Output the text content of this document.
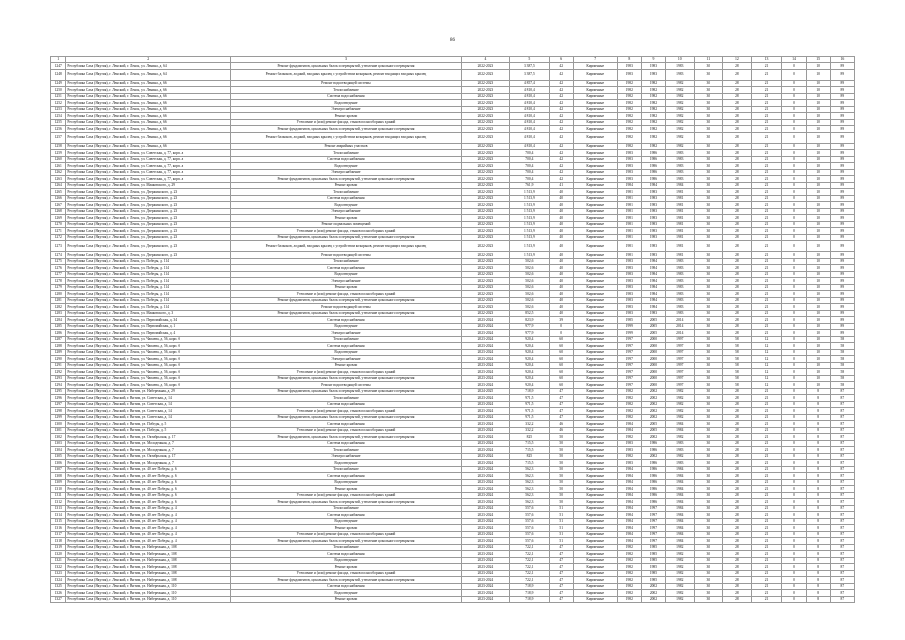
86
1	2	3	4	5	6	7	8	9	10	11	12	13	14	15	16
1247	Республика Саха (Якутия), г. Ленский, г. Ленск, ул. Ленина, д. 64	Ремонт фундаментов, цокольных балок и перекрытий, утепление цокольного перекрытия	2022-2023	3 387,5	42	Кирпичные	1983	1983	1983	30	28	21	0	10	89
1248	Республика Саха (Якутия), г. Ленский, г. Ленск, ул. Ленина, д. 64	Ремонт балконов, лоджий, входных крылец с устройством козырьков, ремонт входящих входных крылец	2022-2023	3 387,5	42	Кирпичные	1983	1983	1983	30	28	21	0	10	89
1249	Республика Саха (Якутия), г. Ленский, г. Ленск, ул. Ленина, д. 66	Ремонт водоотводящей системы	2022-2023	4 857,4	42	Кирпичные	1982	1982	1982	30	28	21	0	10	89
1250	Республика Саха (Якутия), г. Ленский, г. Ленск, ул. Ленина, д. 66	Теплоснабжение	2022-2023	4 810,4	42	Кирпичные	1982	1982	1982	30	28	21	0	10	89
1251	Республика Саха (Якутия), г. Ленский, г. Ленск, ул. Ленина, д. 66	Система водоснабжения	2022-2023	4 810,4	42	Кирпичные	1982	1982	1982	30	28	21	0	10	89
1252	Республика Саха (Якутия), г. Ленский, г. Ленск, ул. Ленина, д. 66	Водоотведение	2022-2023	4 810,4	42	Кирпичные	1982	1982	1982	30	28	21	0	10	89
1253	Республика Саха (Якутия), г. Ленский, г. Ленск, ул. Ленина, д. 66	Электроснабжение	2022-2023	4 810,4	42	Кирпичные	1982	1982	1982	30	28	21	0	10	89
1254	Республика Саха (Якутия), г. Ленский, г. Ленск, ул. Ленина, д. 66	Ремонт кровли	2022-2023	4 810,4	42	Кирпичные	1982	1982	1982	30	28	21	0	10	89
1255	Республика Саха (Якутия), г. Ленский, г. Ленск, ул. Ленина, д. 66	Утепление и (или) ремонт фасада, стыков полносборных зданий	2022-2023	4 810,4	42	Кирпичные	1982	1982	1982	30	28	21	0	10	89
1256	Республика Саха (Якутия), г. Ленский, г. Ленск, ул. Ленина, д. 66	Ремонт фундаментов, цокольных балок и перекрытий, утепление цокольного перекрытия	2022-2023	4 810,4	42	Кирпичные	1982	1982	1982	30	28	21	0	10	89
1257	Республика Саха (Якутия), г. Ленский, г. Ленск, ул. Ленина, д. 66	Ремонт балконов, лоджий, входных крылец с устройством козырьков, ремонт входящих входных крылец	2022-2023	4 810,4	42	Кирпичные	1982	1982	1982	30	28	21	0	10	89
1258	Республика Саха (Якутия), г. Ленский, г. Ленск, ул. Ленина, д. 66	Ремонт аварийных участков	2022-2023	4 810,4	42	Кирпичные	1982	1982	1982	30	28	21	0	10	89
1259	Республика Саха (Якутия), г. Ленский, г. Ленск, ул. Советская, д. 77, корп. а	Теплоснабжение	2022-2023	700,4	42	Кирпичные	1983	1986	1983	30	28	21	0	10	89
1260	Республика Саха (Якутия), г. Ленский, г. Ленск, ул. Советская, д. 77, корп. а	Система водоснабжения	2022-2023	700,4	42	Кирпичные	1983	1986	1983	30	28	21	0	10	89
1261	Республика Саха (Якутия), г. Ленский, г. Ленск, ул. Советская, д. 77, корп. а	Водоотведение	2022-2023	700,4	42	Кирпичные	1983	1986	1983	30	28	21	0	10	89
1262	Республика Саха (Якутия), г. Ленский, г. Ленск, ул. Советская, д. 77, корп. а	Электроснабжение	2022-2023	700,4	42	Кирпичные	1983	1986	1983	30	28	21	0	10	89
1263	Республика Саха (Якутия), г. Ленский, г. Ленск, ул. Советская, д. 77, корп. а	Ремонт фундаментов, цокольных балок и перекрытий, утепление цокольного перекрытия	2022-2023	700,4	42	Кирпичные	1983	1986	1983	30	28	21	0	10	89
1264	Республика Саха (Якутия), г. Ленский, г. Ленск, ул. Маяковского, д. 29	Ремонт кровли	2022-2023	761,9	41	Кирпичные	1984	1984	1984	30	28	21	0	10	89
1265	Республика Саха (Якутия), г. Ленский, г. Ленск, ул. Дзержинского, д. 23	Теплоснабжение	2022-2023	1 513,9	40	Кирпичные	1981	1983	1981	30	28	21	0	10	89
1266	Республика Саха (Якутия), г. Ленский, г. Ленск, ул. Дзержинского, д. 23	Система водоснабжения	2022-2023	1 513,9	40	Кирпичные	1981	1983	1981	30	28	21	0	10	89
1267	Республика Саха (Якутия), г. Ленский, г. Ленск, ул. Дзержинского, д. 23	Водоотведение	2022-2023	1 513,9	40	Кирпичные	1981	1983	1981	30	28	21	0	10	89
1268	Республика Саха (Якутия), г. Ленский, г. Ленск, ул. Дзержинского, д. 23	Электроснабжение	2022-2023	1 513,9	40	Кирпичные	1981	1983	1981	30	28	21	0	10	89
1269	Республика Саха (Якутия), г. Ленский, г. Ленск, ул. Дзержинского, д. 23	Ремонт кровли	2022-2023	1 513,9	40	Кирпичные	1981	1983	1981	30	28	21	0	10	89
1270	Республика Саха (Якутия), г. Ленский, г. Ленск, ул. Дзержинского, д. 23	Ремонт подвальных помещений	2022-2023	1 513,9	40	Кирпичные	1981	1983	1981	30	28	21	0	10	89
1271	Республика Саха (Якутия), г. Ленский, г. Ленск, ул. Дзержинского, д. 23	Утепление и (или) ремонт фасада, стыков полносборных зданий	2022-2023	1 513,9	40	Кирпичные	1981	1983	1981	30	28	21	0	10	89
1272	Республика Саха (Якутия), г. Ленский, г. Ленск, ул. Дзержинского, д. 23	Ремонт фундаментов, цокольных балок и перекрытий, утепление цокольного перекрытия	2022-2023	1 513,9	40	Кирпичные	1981	1983	1981	30	28	21	0	10	89
1273	Республика Саха (Якутия), г. Ленский, г. Ленск, ул. Дзержинского, д. 23	Ремонт балконов, лоджий, входных крылец с устройством козырьков, ремонт входящих входных крылец	2022-2023	1 513,9	40	Кирпичные	1981	1983	1981	30	28	21	0	10	89
1274	Республика Саха (Якутия), г. Ленский, г. Ленск, ул. Дзержинского, д. 23	Ремонт водоотводящей системы	2022-2023	1 513,9	40	Кирпичные	1981	1983	1981	30	28	21	0	10	89
1275	Республика Саха (Якутия), г. Ленский, г. Ленск, ул. Победы, д. 114	Теплоснабжение	2022-2023	502,6	40	Кирпичные	1983	1984	1983	30	28	21	0	10	89
1276	Республика Саха (Якутия), г. Ленский, г. Ленск, ул. Победы, д. 114	Система водоснабжения	2022-2023	502,6	40	Кирпичные	1983	1984	1983	30	28	21	0	10	89
1277	Республика Саха (Якутия), г. Ленский, г. Ленск, ул. Победы, д. 114	Водоотведение	2022-2023	502,6	40	Кирпичные	1983	1984	1983	30	28	21	0	10	89
1278	Республика Саха (Якутия), г. Ленский, г. Ленск, ул. Победы, д. 114	Электроснабжение	2022-2023	502,6	40	Кирпичные	1983	1984	1983	30	28	21	0	10	89
1279	Республика Саха (Якутия), г. Ленский, г. Ленск, ул. Победы, д. 114	Ремонт кровли	2022-2023	502,6	40	Кирпичные	1983	1984	1983	30	28	21	0	10	89
1280	Республика Саха (Якутия), г. Ленский, г. Ленск, ул. Победы, д. 114	Утепление и (или) ремонт фасада, стыков полносборных зданий	2022-2023	502,6	40	Кирпичные	1983	1984	1983	30	28	21	0	10	89
1281	Республика Саха (Якутия), г. Ленский, г. Ленск, ул. Победы, д. 114	Ремонт фундаментов, цокольных балок и перекрытий, утепление цокольного перекрытия	2022-2023	502,6	40	Кирпичные	1983	1984	1983	30	28	21	0	10	89
1282	Республика Саха (Якутия), г. Ленский, г. Ленск, ул. Победы, д. 114	Ремонт водоотводящей системы	2022-2023	502,6	40	Кирпичные	1983	1984	1983	30	28	21	0	10	89
1283	Республика Саха (Якутия), г. Ленский, г. Ленск, ул. Маяковского, д. 3	Ремонт фундаментов, цокольных балок и перекрытий, утепление цокольного перекрытия	2022-2023	852,5	40	Кирпичные	1983	1983	1983	30	28	21	0	10	89
1284	Республика Саха (Якутия), г. Ленский, г. Ленск, ул. Первомайская, д. 34	Система водоснабжения	2023-2024	823,9	39	Кирпичные	1985	2005	2014	30	28	21	0	10	89
1285	Республика Саха (Якутия), г. Ленский, г. Ленск, ул. Первомайская, д. 1	Водоотведение	2023-2024	977,9	0	Кирпичные	1999	2005	2014	30	28	21	0	10	89
1286	Республика Саха (Якутия), г. Ленский, г. Ленск, ул. Первомайская, д. 4	Электроснабжение	2023-2024	977,9	0	Кирпичные	1999	2005	2014	30	28	21	0	10	89
1287	Республика Саха (Якутия), г. Ленский, г. Ленск, ул. Чапаева, д. 56, корп. б	Теплоснабжение	2023-2024	920,4	60	Кирпичные	1997	2000	1997	30	58	12	0	10	58
1288	Республика Саха (Якутия), г. Ленский, г. Ленск, ул. Чапаева, д. 56, корп. б	Система водоснабжения	2023-2024	920,4	60	Кирпичные	1997	2000	1997	30	58	12	0	10	58
1289	Республика Саха (Якутия), г. Ленский, г. Ленск, ул. Чапаева, д. 56, корп. б	Водоотведение	2023-2024	920,4	60	Кирпичные	1997	2000	1997	30	58	12	0	10	58
1290	Республика Саха (Якутия), г. Ленский, г. Ленск, ул. Чапаева, д. 56, корп. б	Электроснабжение	2023-2024	920,4	60	Кирпичные	1997	2000	1997	30	58	12	0	10	58
1291	Республика Саха (Якутия), г. Ленский, г. Ленск, ул. Чапаева, д. 56, корп. б	Ремонт кровли	2023-2024	920,4	60	Кирпичные	1997	2000	1997	30	58	12	0	10	58
1292	Республика Саха (Якутия), г. Ленский, г. Ленск, ул. Чапаева, д. 56, корп. б	Утепление и (или) ремонт фасада, стыков полносборных зданий	2023-2024	920,4	60	Кирпичные	1997	2000	1997	30	58	12	0	10	58
1293	Республика Саха (Якутия), г. Ленский, г. Ленск, ул. Чапаева, д. 56, корп. б	Ремонт фундаментов, цокольных балок и перекрытий, утепление цокольного перекрытия	2023-2024	920,4	60	Кирпичные	1997	2000	1997	30	58	12	0	10	58
1294	Республика Саха (Якутия), г. Ленский, г. Ленск, ул. Чапаева, д. 56, корп. б	Ремонт водоотводящей системы	2023-2024	920,4	60	Кирпичные	1997	2000	1997	30	58	12	0	10	58
1295	Республика Саха (Якутия), г. Ленский, г. Витим, ул. Набережная, д. 29	Ремонт фундаментов, цокольных балок и перекрытий, утепление цокольного перекрытия	2024-2025	718,9	47	Кирпичные	1982	2002	1982	30	28	21	0	8	87
1296	Республика Саха (Якутия), г. Ленский, г. Витим, ул. Советская, д. 14	Теплоснабжение	2023-2024	971,5	47	Кирпичные	1982	2002	1982	30	28	21	0	8	87
1297	Республика Саха (Якутия), г. Ленский, г. Витим, ул. Советская, д. 14	Система водоснабжения	2023-2024	971,5	47	Кирпичные	1982	2002	1982	30	28	21	0	8	87
1298	Республика Саха (Якутия), г. Ленский, г. Витим, ул. Советская, д. 14	Утепление и (или) ремонт фасада, стыков полносборных зданий	2023-2024	971,5	47	Кирпичные	1982	2002	1982	30	28	21	0	8	87
1299	Республика Саха (Якутия), г. Ленский, г. Витим, ул. Советская, д. 14	Ремонт фундаментов, цокольных балок и перекрытий, утепление цокольного перекрытия	2023-2024	971,5	47	Кирпичные	1982	2002	1982	30	28	21	0	8	87
1300	Республика Саха (Якутия), г. Ленский, г. Витим, ул. Победы, д. 5	Система водоснабжения	2023-2024	332,2	46	Кирпичные	1984	2005	1984	30	28	21	0	8	87
1301	Республика Саха (Якутия), г. Ленский, г. Витим, ул. Победы, д. 5	Утепление и (или) ремонт фасада, стыков полносборных зданий	2023-2024	332,2	46	Кирпичные	1984	2005	1984	30	28	21	0	8	87
1302	Республика Саха (Якутия), г. Ленский, г. Витим, ул. Октябрьская, д. 17	Ремонт фундаментов, цокольных балок и перекрытий, утепление цокольного перекрытия	2023-2024	825	50	Кирпичные	1982	2002	1982	30	28	21	0	8	87
1303	Республика Саха (Якутия), г. Ленский, г. Витим, ул. Молодежная, д. 7	Система водоснабжения	2023-2024	715,5	50	Кирпичные	1983	1986	1983	30	28	21	0	8	87
1304	Республика Саха (Якутия), г. Ленский, г. Витим, ул. Молодежная, д. 7	Теплоснабжение	2023-2024	715,5	50	Кирпичные	1983	1986	1983	30	28	21	0	8	87
1305	Республика Саха (Якутия), г. Ленский, г. Витим, ул. Октябрьская, д. 17	Электроснабжение	2023-2024	825	50	Кирпичные	1982	2002	1982	30	28	21	0	8	87
1306	Республика Саха (Якутия), г. Ленский, г. Витим, ул. Молодежная, д. 7	Водоотведение	2023-2024	715,5	50	Кирпичные	1983	1986	1983	30	28	21	0	8	87
1307	Республика Саха (Якутия), г. Ленский, г. Витим, ул. 40 лет Победы, д. 6	Теплоснабжение	2023-2024	562,3	50	Кирпичные	1984	1986	1984	30	28	21	0	8	87
1308	Республика Саха (Якутия), г. Ленский, г. Витим, ул. 40 лет Победы, д. 6	Система водоснабжения	2023-2024	562,3	50	Кирпичные	1984	1986	1984	30	28	21	0	8	87
1309	Республика Саха (Якутия), г. Ленский, г. Витим, ул. 40 лет Победы, д. 6	Водоотведение	2023-2024	562,3	50	Кирпичные	1984	1986	1984	30	28	21	0	8	87
1310	Республика Саха (Якутия), г. Ленский, г. Витим, ул. 40 лет Победы, д. 6	Ремонт кровли	2023-2024	562,3	50	Кирпичные	1984	1986	1984	30	28	21	0	8	87
1311	Республика Саха (Якутия), г. Ленский, г. Витим, ул. 40 лет Победы, д. 6	Утепление и (или) ремонт фасада, стыков полносборных зданий	2023-2024	562,3	50	Кирпичные	1984	1986	1984	30	28	21	0	8	87
1312	Республика Саха (Якутия), г. Ленский, г. Витим, ул. 40 лет Победы, д. 6	Ремонт фундаментов, цокольных балок и перекрытий, утепление цокольного перекрытия	2023-2024	562,3	50	Кирпичные	1984	1986	1984	30	28	21	0	8	87
1313	Республика Саха (Якутия), г. Ленский, г. Витим, ул. 40 лет Победы, д. 4	Теплоснабжение	2023-2024	557,6	51	Кирпичные	1984	1997	1984	30	28	21	0	8	87
1314	Республика Саха (Якутия), г. Ленский, г. Витим, ул. 40 лет Победы, д. 4	Система водоснабжения	2023-2024	557,6	51	Кирпичные	1984	1997	1984	30	28	21	0	8	87
1315	Республика Саха (Якутия), г. Ленский, г. Витим, ул. 40 лет Победы, д. 4	Водоотведение	2023-2024	557,6	51	Кирпичные	1984	1997	1984	30	28	21	0	8	87
1316	Республика Саха (Якутия), г. Ленский, г. Витим, ул. 40 лет Победы, д. 4	Ремонт кровли	2023-2024	557,6	51	Кирпичные	1984	1997	1984	30	28	21	0	8	87
1317	Республика Саха (Якутия), г. Ленский, г. Витим, ул. 40 лет Победы, д. 4	Утепление и (или) ремонт фасада, стыков полносборных зданий	2023-2024	557,6	51	Кирпичные	1984	1997	1984	30	28	21	0	8	87
1318	Республика Саха (Якутия), г. Ленский, г. Витим, ул. 40 лет Победы, д. 4	Ремонт фундаментов, цокольных балок и перекрытий, утепление цокольного перекрытия	2023-2024	557,6	51	Кирпичные	1984	1997	1984	30	28	21	0	8	87
1319	Республика Саха (Якутия), г. Ленский, г. Витим, ул. Набережная, д. 108	Теплоснабжение	2023-2024	722,1	47	Кирпичные	1982	1985	1982	30	28	21	0	8	87
1320	Республика Саха (Якутия), г. Ленский, г. Витим, ул. Набережная, д. 108	Система водоснабжения	2023-2024	722,1	47	Кирпичные	1982	1985	1982	30	28	21	0	8	87
1321	Республика Саха (Якутия), г. Ленский, г. Витим, ул. Набережная, д. 108	Водоотведение	2023-2024	722,1	47	Кирпичные	1982	1985	1982	30	28	21	0	8	87
1322	Республика Саха (Якутия), г. Ленский, г. Витим, ул. Набережная, д. 108	Ремонт кровли	2023-2024	722,1	47	Кирпичные	1982	1985	1982	30	28	21	0	8	87
1323	Республика Саха (Якутия), г. Ленский, г. Витим, ул. Набережная, д. 108	Утепление и (или) ремонт фасада, стыков полносборных зданий	2023-2024	722,1	47	Кирпичные	1982	1985	1982	30	28	21	0	8	87
1324	Республика Саха (Якутия), г. Ленский, г. Витим, ул. Набережная, д. 108	Ремонт фундаментов, цокольных балок и перекрытий, утепление цокольного перекрытия	2023-2024	722,1	47	Кирпичные	1982	1985	1982	30	28	21	0	8	87
1325	Республика Саха (Якутия), г. Ленский, г. Витим, ул. Набережная, д. 110	Система водоснабжения	2023-2024	718,9	47	Кирпичные	1982	2002	1982	30	28	21	0	8	87
1326	Республика Саха (Якутия), г. Ленский, г. Витим, ул. Набережная, д. 110	Водоотведение	2023-2024	718,9	47	Кирпичные	1982	2002	1982	30	28	21	0	8	87
1327	Республика Саха (Якутия), г. Ленский, г. Витим, ул. Набережная, д. 110	Ремонт кровли	2023-2024	718,9	47	Кирпичные	1982	2002	1982	30	28	21	0	8	87
